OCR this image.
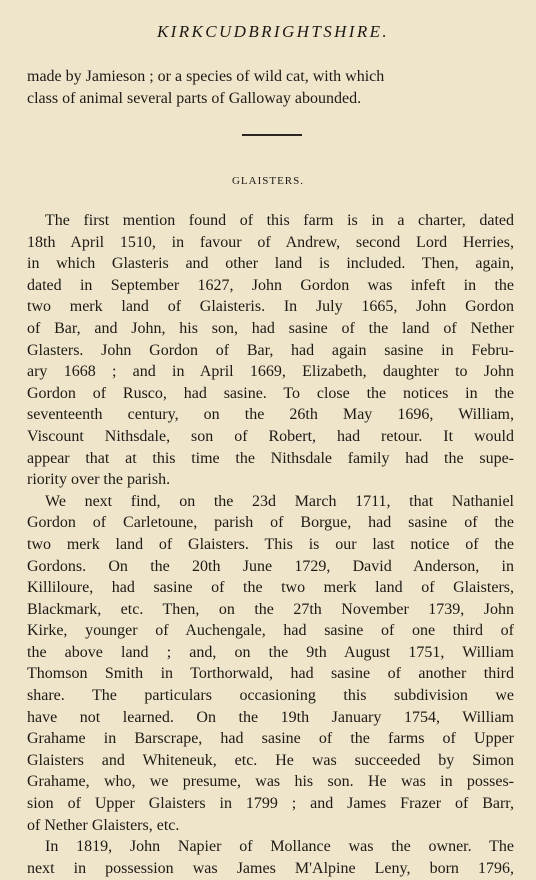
KIRKCUDBRIGHTSHIRE.
made by Jamieson ; or a species of wild cat, with which
class of animal several parts of Galloway abounded.
GLAISTERS.
The first mention found of this farm is in a charter, dated
18th April 1510, in favour of Andrew, second Lord Herries,
in which Glasteris and other land is included. Then, again,
dated in September 1627, John Gordon was infeft in the
two merk land of Glaisteris. In July 1665, John Gordon
of Bar, and John, his son, had sasine of the land of Nether
Glasters. John Gordon of Bar, had again sasine in Febru-
ary 1668 ; and in April 1669, Elizabeth, daughter to John
Gordon of Rusco, had sasine. To close the notices in the
seventeenth century, on the 26th May 1696, William,
Viscount Nithsdale, son of Robert, had retour. It would
appear that at this time the Nithsdale family had the supe-
riority over the parish.
We next find, on the 23d March 1711, that Nathaniel
Gordon of Carletoune, parish of Borgue, had sasine of the
two merk land of Glaisters. This is our last notice of the
Gordons. On the 20th June 1729, David Anderson, in
Killiloure, had sasine of the two merk land of Glaisters,
Blackmark, etc. Then, on the 27th November 1739, John
Kirke, younger of Auchengale, had sasine of one third of
the above land ; and, on the 9th August 1751, William
Thomson Smith in Torthorwald, had sasine of another third
share. The particulars occasioning this subdivision we
have not learned. On the 19th January 1754, William
Grahame in Barscrape, had sasine of the farms of Upper
Glaisters and Whiteneuk, etc. He was succeeded by Simon
Grahame, who, we presume, was his son. He was in posses-
sion of Upper Glaisters in 1799 ; and James Frazer of Barr,
of Nether Glaisters, etc.
In 1819, John Napier of Mollance was the owner. The
next in possession was James M'Alpine Leny, born 1796,
